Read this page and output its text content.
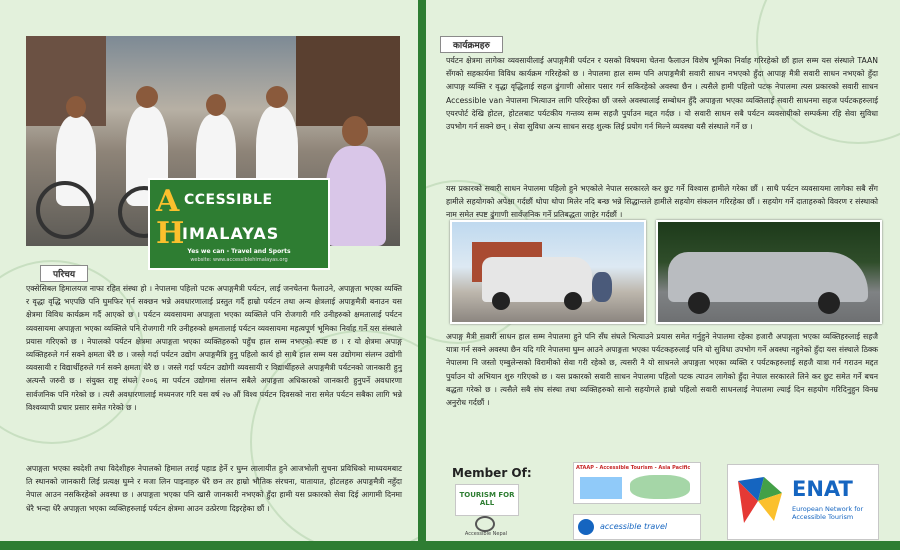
A CCESSIBLE
H
IMALAYAS
Yes we can - Travel and Sports
website: www.accessiblehimalayas.org
परिचय

एक्सेसिबल हिमालयज नाफा रहित संस्था हो । नेपालमा पहिलो पटक अपाङ्गमैत्री पर्यटन, लाई जनचेतना फैलाउने, अपाङ्गता भएका व्यक्ति र वृद्धा वृद्धि भएपछि पनि घुमफिर गर्न सक्छन भन्ने अवधारणालाई प्रस्तुत गर्दै हाम्रो पर्यटन तथा अन्य क्षेत्रलाई अपाङ्गमैत्री बनाउन यस क्षेत्रमा विविध कार्यक्रम गर्दै आएको छ । पर्यटन व्यवसायमा अपाङ्गता भएका व्यक्तिले पनि रोजगारी गरि उनीहरुको क्षमतालाई पर्यटन व्यवसायमा अपाङ्गता भएका व्यक्तिले पनि रोजगारी गरि उनीहरुको क्षमतालाई पर्यटन व्यवसायमा महत्वपूर्ण भूमिका निर्वाह गर्ने यस संस्थाले प्रयास गरिएको छ । नेपालको पर्यटन क्षेत्रमा अपाङ्गता भएका व्यक्तिहरुको पहुँच हाल सम्म नभएको स्पष्ट छ । र यो क्षेत्रमा अपाङ्ग व्यक्तिहरुले गर्न सक्ने क्षमता धेरै छ । जस्ले गर्दा पर्यटन उद्योग अपाङ्गमैत्रि हुनु पहिलो कार्य हो साथै हाल सम्म यस उद्योगमा संलग्न उद्योगी व्यवसायी र विद्यार्थीहरुले गर्न सक्ने क्षमता धेरै छ । जस्ले गर्दा पर्यटन उद्योगी व्यवसायी र विद्यार्थीहरुले अपाङ्गमैत्री पर्यटनको जानकारी हुनु अत्यन्तै जरुरी छ । संयुक्त राष्ट्र संघले २००६ मा पर्यटन उद्योगमा संलग्न सबैले अपाङ्गता अधिकारको जानकारी हुनुपर्ने अवधारणा सार्वजनिक पनि गरेको छ । त्यसै अवधारणालाई मध्यनजर गरि यस वर्ष २७ औं विश्व पर्यटन दिवसको नारा समेत पर्यटन सबैका लागि भन्ने विश्वव्यापी प्रचार प्रसार समेत गरेको छ ।

अपाङ्गता भएका स्वदेशी तथा विदेशीहरु नेपालको हिमाल तराई पहाड हेर्ने र घुम्न लालायीत हुने आजभोली सुचना प्रविधिको माध्ययमबाट ति स्थानको जानकारी लिई प्रत्यक्ष घुम्ने र मजा लिन पाइनाहरु धेरै छन तर हाम्रो भौतिक संरचना, यातायात, होटलहरु अपाङ्गमैत्री नहुँदा नेपाल आउन नसकिरहेको अवस्था छ । अपाङ्गता भएका पनि खासै जानकारी नभएको हुँदा हामी यस प्रकारको सेवा दिई आगामी दिनमा धेरै भन्दा धेरै अपाङ्गता भएका व्यक्तिहरुलाई पर्यटन क्षेत्रमा आउन उत्प्रेरणा दिइरहेका छौं ।

कार्यक्रमहरु

पर्यटन क्षेत्रमा लागेका व्यवसायीलाई अपाङ्गमैत्री पर्यटन र यसको विषयमा चेतना फैलाउन विशेष भूमिका निर्वाह गरिरहेको छौं हाल सम्म यस संस्थाले TAAN सँगको सहकार्यमा विविध कार्यक्रम गरिरहेको छ । नेपालमा हाल सम्म पनि अपाङ्गमैत्री सवारी साधन नभएको हुँदा आपाङ्ग मैत्री सवारी साधन नभएको हुँदा आपाङ्ग व्यक्ति र वृद्धा वृद्धिलाई सहज ढुंगाणी ओसार पसार गर्न सकिरहेको अवस्था छैन । त्यसैले हामी पहिलो पटक नेपालमा त्यस प्रकारको सवारी साधन Accessible van नेपालमा भित्याउन लागि परिरहेका छौं जस्ले अवस्थालाई सम्बोधन हुँदै अपाङ्गता भएका व्यक्तिलाई सवारी साधनमा सहज पर्यटकहरुलाई एयरपोर्ट देखि होटल, होटलबाट पर्यटकीय गन्तव्य सम्म सहजै पुर्याउन मद्दत गर्दछ । यो सवारी साधन सबै पर्यटन व्यवसायीको सम्पर्कमा रहि सेवा सुविधा उपभोग गर्न सक्ने छन् । सेवा सुविधा अन्य साधन सरह शुल्क लिई प्रयोग गर्न मिल्ने व्यवस्था यसै संस्थाले गर्ने छ ।

यस प्रकारको सवारी साधन नेपालमा पहिलो हुने भएकोले नेपाल सरकारले कर छुट गर्ने विश्वास हामीले गरेका छौं । साथै पर्यटन व्यवसायमा लागेका सबै सँग हामीले सहयोगको अपेक्षा गर्दछौं थोपा थोपा मिलेर नदि बन्छ भन्ने सिद्धान्तले हामीले सहयोग संकलन गरिरहेका छौं । सहयोग गर्ने दाताहरुको विवरण र संस्थाको नाम समेत स्पष्ट ढुंगाणी सार्वजनिक गर्ने प्रतिबद्धता जाहेर गर्दछौं ।

अपाङ्ग मैत्री सवारी साधन हाल सम्म नेपालमा हुने पनि सँघ संघले भित्याउने प्रयास समेत गर्नुहुने नेपालमा रहेका हजारौ अपाङ्गता भएका व्यक्तिहरुलाई सहजै यात्रा गर्न सक्ने अवस्था छैन यदि गरि नेपालमा घुम्न आउने अपाङ्गता भएका पर्यटकहरुलाई पनि यो सुविधा उपभोग गर्ने अवस्था नहुनेको हुँदा यस संस्थाले ठिक्क नेपालमा नि जस्तो एम्बुलेन्सको विरामीको सेवा गरी रहेको छ, त्यसरी नै यो साधनले अपाङ्गता भएका व्यक्ति र पर्यटकहरुलाई सहजै यात्रा गर्न गराउन मद्दत पुर्याउन यो अभियान शुरु गरिएको छ । यस प्रकारको सवारी साधन नेपालमा पहिलो पटक त्याउन लागेको हुँदा नेपाल सरकारले लिने कर छुट समेत गर्ने बचन बद्धता गरेको छ । त्यसैले सबै संघ संस्था तथा व्यक्तिहरुको सानो सहयोगले हाम्रो पहिलो सवारी साधनलाई नेपालमा ल्याई दिन सहयोग गरिदिनुहुन विनम्र अनुरोध गर्दछौं ।

Member Of:
TOURISM FOR ALL
Accessible Nepal
ATAAP - Accessible Tourism - Asia Pacific
accessible travel
ENAT
European Network for
Accessible Tourism
